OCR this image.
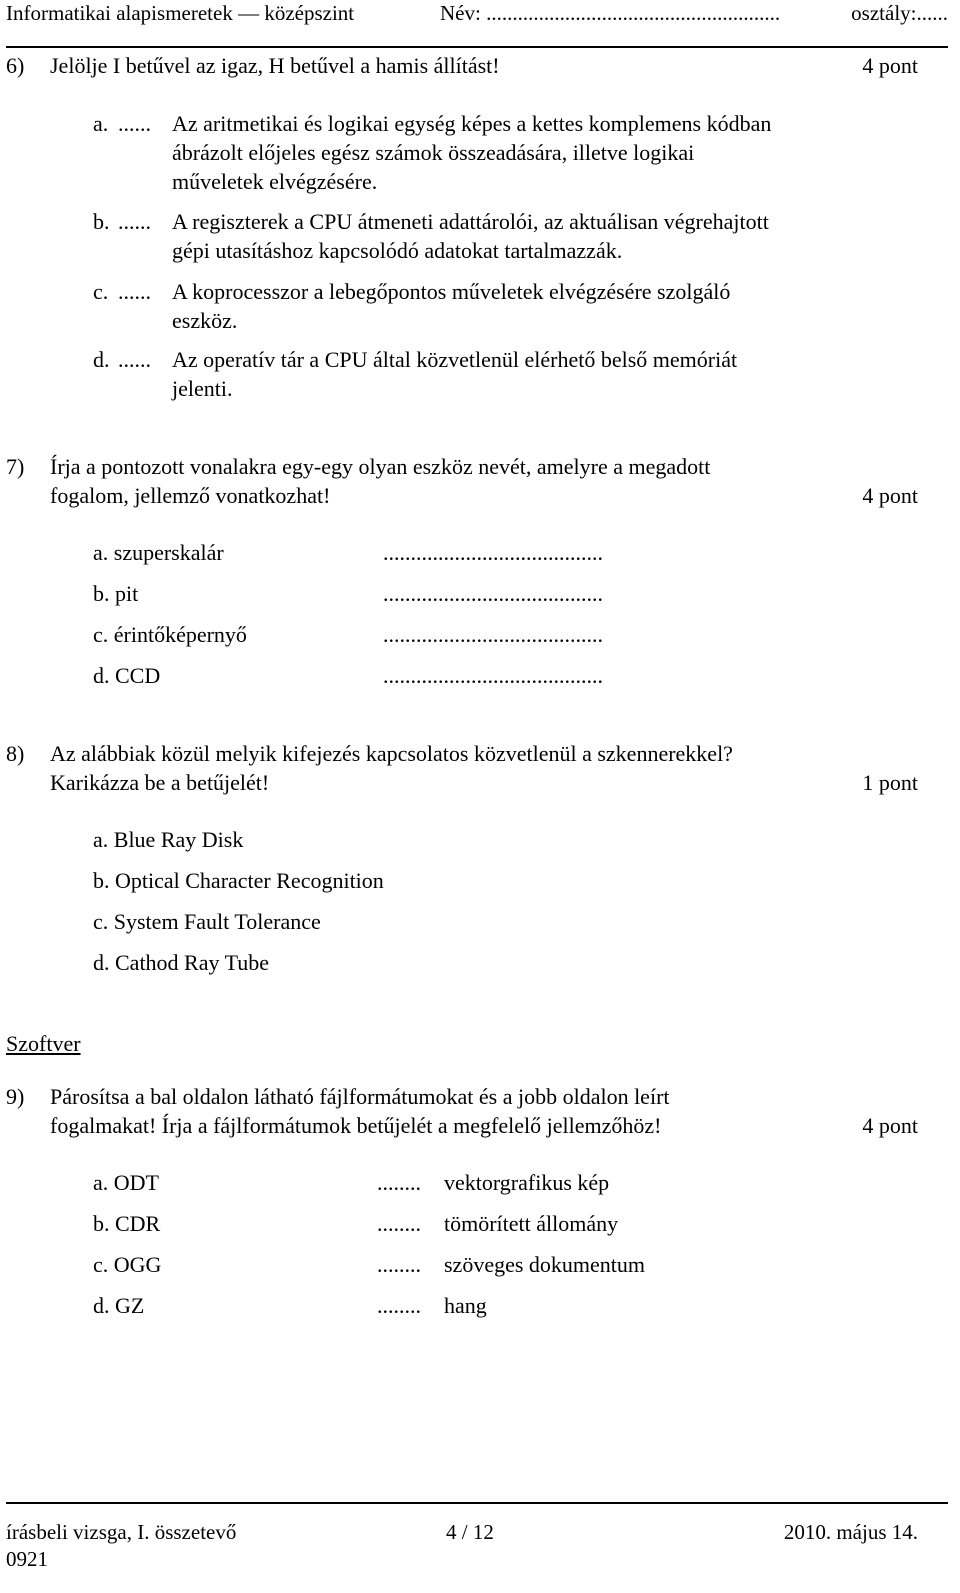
Informatikai alapismeretek — középszint	Név: ........................................................	osztály:......
6) Jelölje I betűvel az igaz, H betűvel a hamis állítást!	4 pont
a. ...... Az aritmetikai és logikai egység képes a kettes komplemens kódban
ábrázolt előjeles egész számok összeadására, illetve logikai
műveletek elvégzésére.
b. ...... A regiszterek a CPU átmeneti adattárolói, az aktuálisan végrehajtott
gépi utasításhoz kapcsolódó adatokat tartalmazzák.
c. ...... A koprocesszor a lebegőpontos műveletek elvégzésére szolgáló
eszköz.
d. ...... Az operatív tár a CPU által közvetlenül elérhető belső memóriát
jelenti.
7) Írja a pontozott vonalakra egy-egy olyan eszköz nevét, amelyre a megadott
fogalom, jellemző vonatkozhat!	4 pont
a. szuperskalár	........................................
b. pit	........................................
c. érintőképernyő	........................................
d. CCD	........................................
8) Az alábbiak közül melyik kifejezés kapcsolatos közvetlenül a szkennerekkel?
Karikázza be a betűjelét!	1 pont
a. Blue Ray Disk
b. Optical Character Recognition
c. System Fault Tolerance
d. Cathod Ray Tube
Szoftver
9) Párosítsa a bal oldalon látható fájlformátumokat és a jobb oldalon leírt
fogalmakat! Írja a fájlformátumok betűjelét a megfelelő jellemzőhöz!	4 pont
a. ODT	........ vektorgrafikus kép
b. CDR	........ tömörített állomány
c. OGG	........ szöveges dokumentum
d. GZ	........ hang
írásbeli vizsga, I. összetevő	4 / 12	2010. május 14.
0921
